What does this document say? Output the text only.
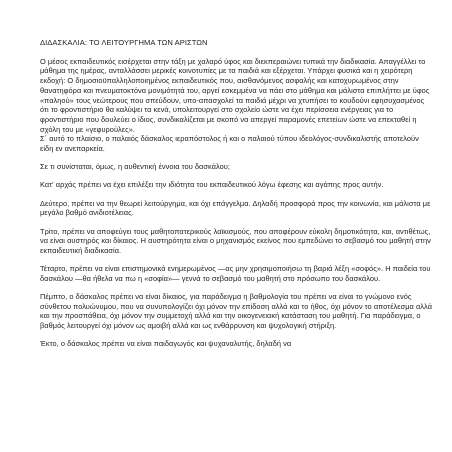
ΔΙΔΑΣΚΑΛΙΑ: ΤΟ ΛΕΙΤΟΥΡΓΗΜΑ ΤΩΝ ΑΡΙΣΤΩΝ

Ο μέσος εκπαιδευτικός εισέρχεται στην τάξη με χαλαρό ύφος και διεκπεραιώνει τυπικά την διαδικασία. Απαγγέλλει το μάθημα της ημέρας, ανταλλάσσει μερικές κοινοτυπίες με τα παιδιά και εξέρχεται. Υπάρχει φυσικά και η χειρότερη εκδοχή: Ο δημοσιοϋπαλληλοποιημένος εκπαιδευτικός που, αισθανόμενος ασφαλής και κατοχυρωμένος στην θανατηφόρα και πνευματοκτόνα μονιμότητά του, αργεί εσκεμμένα να πάει στο μάθημα και μάλιστα επιπλήττει με ύφος «παληού» τους νεώτερους που σπεύδουν, υπο-απασχολεί τα παιδιά μέχρι να χτυπήσει το κουδούνι εφησυχασμένος ότι το φροντιστήριο θα καλύψει τα κενά, υπολειτουργεί στο σχολείο ώστε να έχει περίσσεια ενέργειας για το φροντιστήριο που δουλεύει ο ίδιος, συνδικαλίζεται με σκοπό να απεργεί παραμονές επετείων ώστε να επεκταθεί η σχόλη του με «γεφυρούλες».

Σ΄ αυτό το πλαίσιο, ο παλαιός δάσκαλος ιεραπόστολος ή και ο παλαιού τύπου ιδεολόγος-συνδικαλιστής αποτελούν είδη εν ανεπαρκεία.

Σε τι συνίσταται, όμως, η αυθεντική έννοια του δασκάλου;

Κατ' αρχάς πρέπει να έχει επιλέξει την ιδιότητα του εκπαιδευτικού λόγω έφεσης και αγάπης προς αυτήν.

Δεύτερο, πρέπει να την θεωρεί λειτούργημα, και όχι επάγγελμα. Δηλαδή προσφορά προς την κοινωνία, και μάλιστα με μεγάλο βαθμό ανιδιοτέλειας.

Τρίτο, πρέπει να αποφεύγει τους μαθητοπατερικούς λαϊκισμούς, που αποφέρουν εύκολη δημοτικότητα, και, αντιθέτως, να είναι αυστηρός και δίκαιος. Η αυστηρότητα είναι ο μηχανισμός εκείνος που εμπεδώνει το σεβασμό του μαθητή στην εκπαιδευτική διαδικασία.

Τέταρτο, πρέπει να είναι επιστημονικά ενημερωμένος —ας μην χρησιμοποιήσω τη βαριά λέξη «σοφός». Η παιδεία του δασκάλου —θα ήθελα να πω η «σοφία»— γεννά το σεβασμό του μαθητή στο πρόσωπο του δασκάλου.

Πέμπτο, ο δάσκαλος πρέπει να είναι δίκαιος, για παράδειγμα η βαθμολογία του πρέπει να είναι το γνώμονο ενός σύνθετου πολυώνυμου, που να συνυπολογίζει όχι μόνον την επίδοση αλλά και το ήθος, όχι μόνον το αποτέλεσμα αλλά και την προσπάθεια, όχι μόνον την συμμετοχή αλλά και την οικογενειακή κατάσταση του μαθητή. Για παράδειγμα, ο βαθμός λειτουργεί όχι μόνον ως αμοιβή αλλά και ως ενθάρρυνση και ψυχολογική στήριξη.

Έκτο, ο δάσκαλος πρέπει να είναι παιδαγωγός και ψυχαναλυτής, δηλαδή να
